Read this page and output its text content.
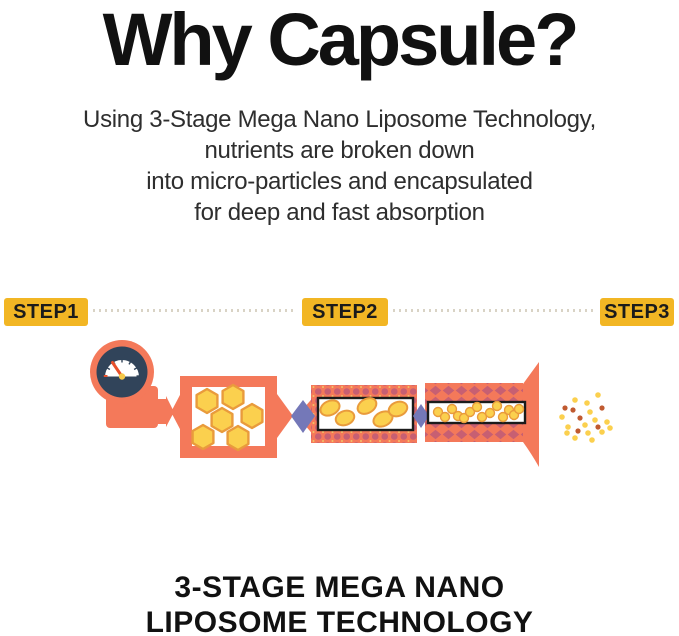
Why Capsule?
Using 3-Stage Mega Nano Liposome Technology,
nutrients are broken down
into micro-particles and encapsulated
for deep and fast absorption
STEP1	STEP2	STEP3
3-STAGE MEGA NANO
LIPOSOME TECHNOLOGY
